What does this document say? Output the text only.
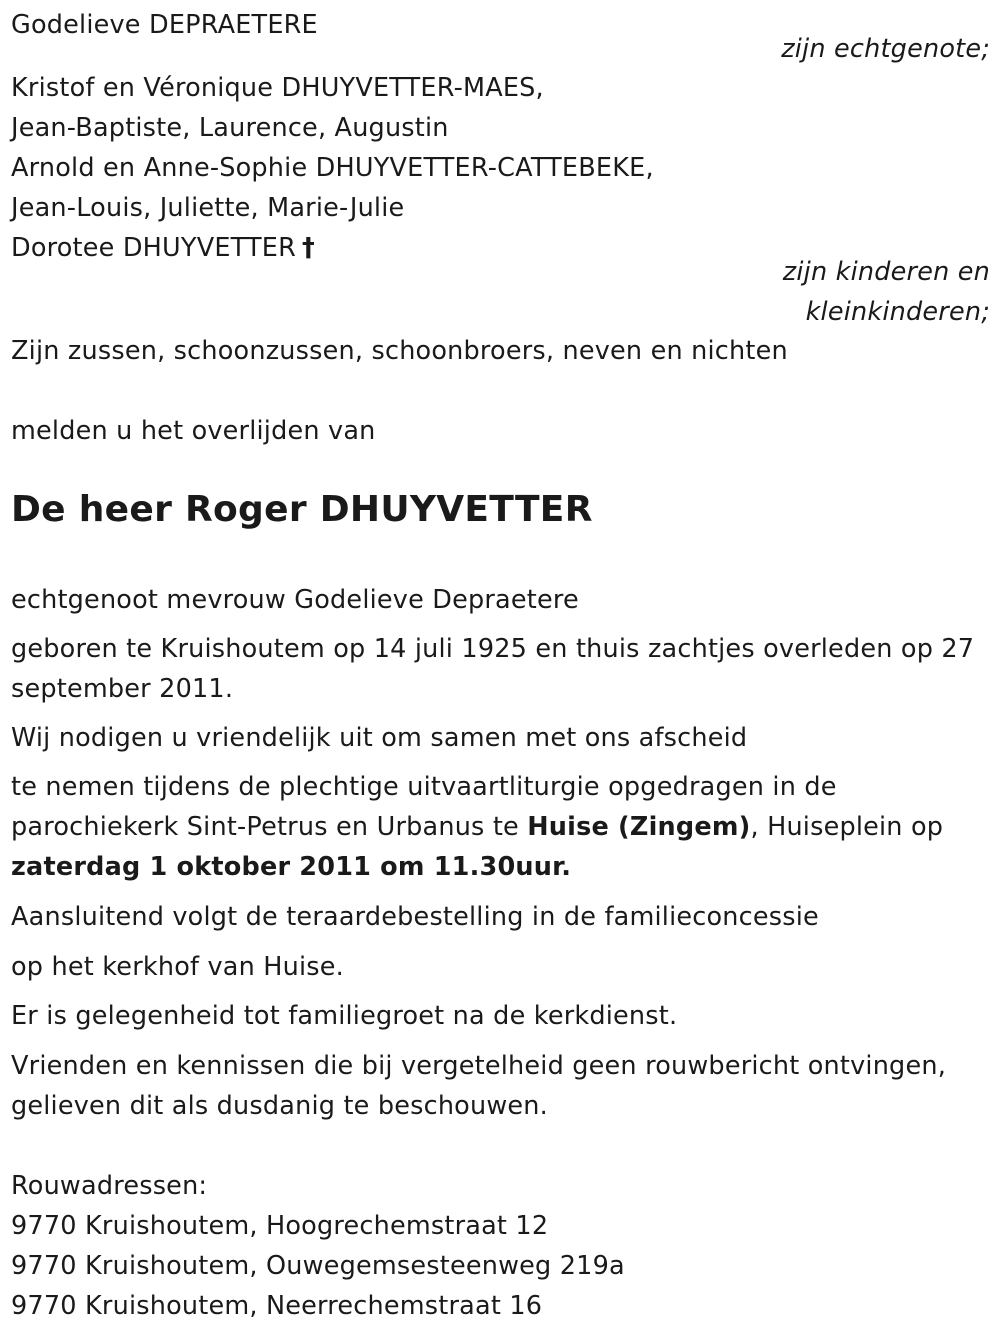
Godelieve DEPRAETERE
zijn echtgenote;
Kristof en Véronique DHUYVETTER-MAES,
Jean-Baptiste, Laurence, Augustin
Arnold en Anne-Sophie DHUYVETTER-CATTEBEKE,
Jean-Louis, Juliette, Marie-Julie
Dorotee DHUYVETTER †
zijn kinderen en
kleinkinderen;
Zijn zussen, schoonzussen, schoonbroers, neven en nichten
melden u het overlijden van
De heer Roger DHUYVETTER
echtgenoot mevrouw Godelieve Depraetere
geboren te Kruishoutem op 14 juli 1925 en thuis zachtjes overleden op 27
september 2011.
Wij nodigen u vriendelijk uit om samen met ons afscheid
te nemen tijdens de plechtige uitvaartliturgie opgedragen in de
parochiekerk Sint-Petrus en Urbanus te Huise (Zingem), Huiseplein op
zaterdag 1 oktober 2011 om 11.30uur.
Aansluitend volgt de teraardebestelling in de familieconcessie
op het kerkhof van Huise.
Er is gelegenheid tot familiegroet na de kerkdienst.
Vrienden en kennissen die bij vergetelheid geen rouwbericht ontvingen,
gelieven dit als dusdanig te beschouwen.
Rouwadressen:
9770 Kruishoutem, Hoogrechemstraat 12
9770 Kruishoutem, Ouwegemsesteenweg 219a
9770 Kruishoutem, Neerrechemstraat 16
